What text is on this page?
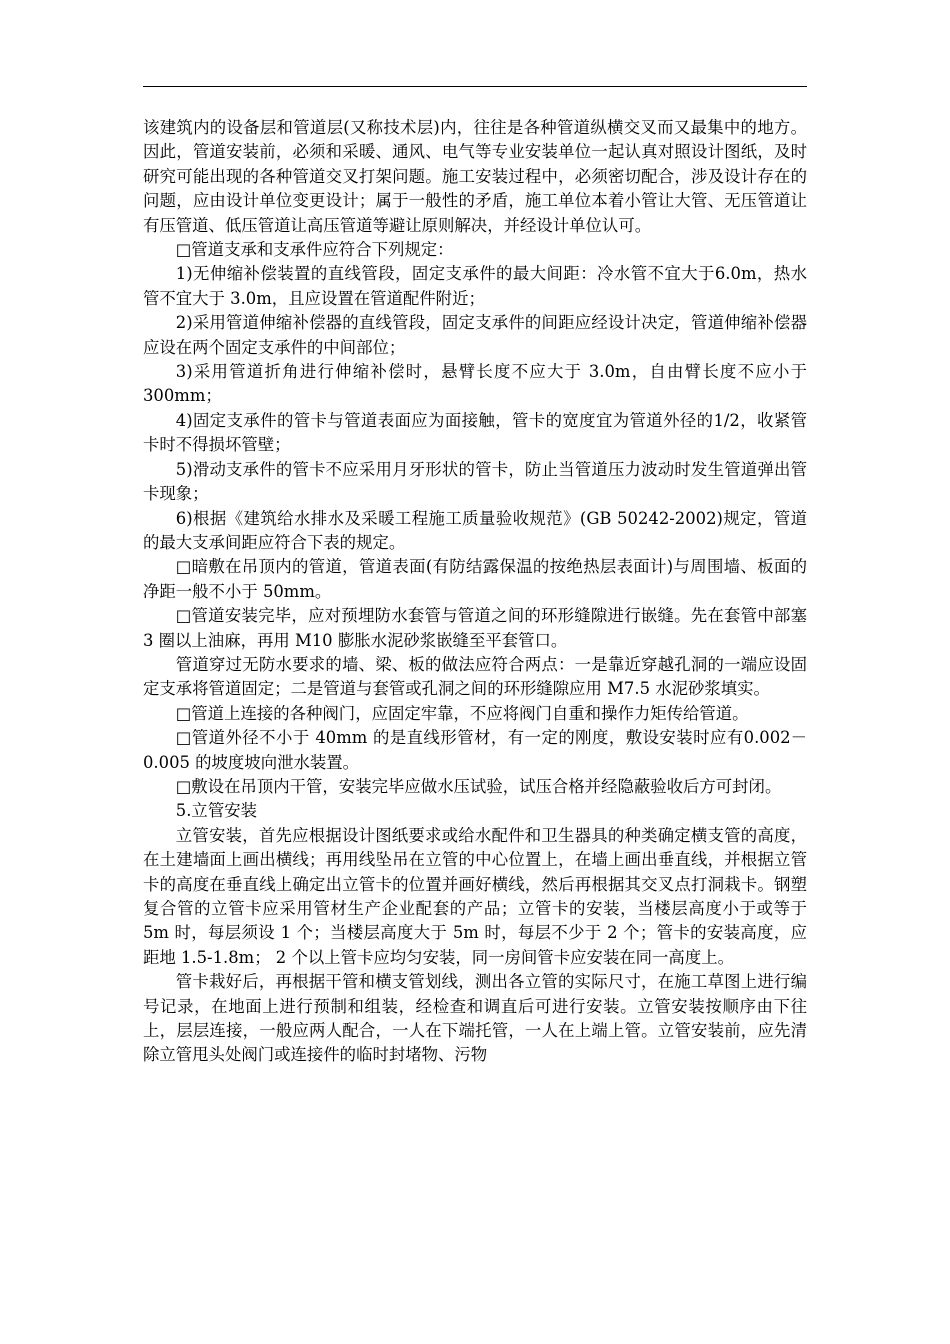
该建筑内的设备层和管道层(又称技术层)内，往往是各种管道纵横交叉而又最集中的地方。因此，管道安装前，必须和采暖、通风、电气等专业安装单位一起认真对照设计图纸，及时研究可能出现的各种管道交叉打架问题。施工安装过程中，必须密切配合，涉及设计存在的问题，应由设计单位变更设计；属于一般性的矛盾，施工单位本着小管让大管、无压管道让有压管道、低压管道让高压管道等避让原则解决，并经设计单位认可。

□管道支承和支承件应符合下列规定：

1)无伸缩补偿装置的直线管段，固定支承件的最大间距：冷水管不宜大于6.0m，热水管不宜大于 3.0m，且应设置在管道配件附近；

2)采用管道伸缩补偿器的直线管段，固定支承件的间距应经设计决定，管道伸缩补偿器应设在两个固定支承件的中间部位；

3)采用管道折角进行伸缩补偿时，悬臂长度不应大于 3.0m，自由臂长度不应小于 300mm；

4)固定支承件的管卡与管道表面应为面接触，管卡的宽度宜为管道外径的1/2，收紧管卡时不得损坏管壁；

5)滑动支承件的管卡不应采用月牙形状的管卡，防止当管道压力波动时发生管道弹出管卡现象；

6)根据《建筑给水排水及采暖工程施工质量验收规范》(GB 50242-2002)规定，管道的最大支承间距应符合下表的规定。

□暗敷在吊顶内的管道，管道表面(有防结露保温的按绝热层表面计)与周围墙、板面的净距一般不小于 50mm。

□管道安装完毕，应对预埋防水套管与管道之间的环形缝隙进行嵌缝。先在套管中部塞 3 圈以上油麻，再用 M10 膨胀水泥砂浆嵌缝至平套管口。

管道穿过无防水要求的墙、梁、板的做法应符合两点：一是靠近穿越孔洞的一端应设固定支承将管道固定；二是管道与套管或孔洞之间的环形缝隙应用 M7.5 水泥砂浆填实。

□管道上连接的各种阀门，应固定牢靠，不应将阀门自重和操作力矩传给管道。

□管道外径不小于 40mm 的是直线形管材，有一定的刚度，敷设安装时应有0.002－0.005 的坡度坡向泄水装置。

□敷设在吊顶内干管，安装完毕应做水压试验，试压合格并经隐蔽验收后方可封闭。

5.立管安装

立管安装，首先应根据设计图纸要求或给水配件和卫生器具的种类确定横支管的高度，在土建墙面上画出横线；再用线坠吊在立管的中心位置上，在墙上画出垂直线，并根据立管卡的高度在垂直线上确定出立管卡的位置并画好横线，然后再根据其交叉点打洞栽卡。钢塑复合管的立管卡应采用管材生产企业配套的产品；立管卡的安装，当楼层高度小于或等于 5m 时，每层须设 1 个；当楼层高度大于 5m 时，每层不少于 2 个；管卡的安装高度，应距地 1.5-1.8m； 2 个以上管卡应均匀安装，同一房间管卡应安装在同一高度上。

管卡栽好后，再根据干管和横支管划线，测出各立管的实际尺寸，在施工草图上进行编号记录，在地面上进行预制和组装，经检查和调直后可进行安装。立管安装按顺序由下往上，层层连接，一般应两人配合，一人在下端托管，一人在上端上管。立管安装前，应先清除立管甩头处阀门或连接件的临时封堵物、污物
